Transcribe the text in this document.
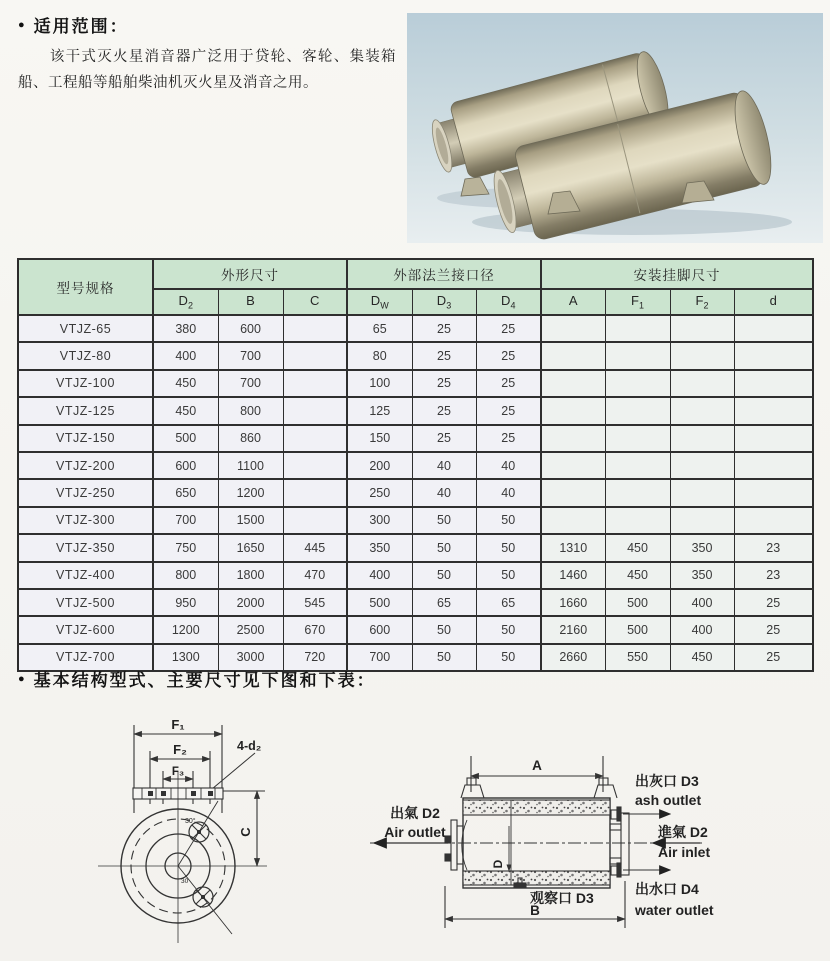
● 适用范围：
该干式灭火星消音器广泛用于贷轮、客轮、集装箱船、工程船等船舶柴油机灭火星及消音之用。
型号规格	外形尺寸			外部法兰接口径			安装挂脚尺寸			
	$D_2$	B	C	$D_W$	$D_3$	$D_4$	A	$F_1$	$F_2$	d
VTJZ-65	380	600		65	25	25				
VTJZ-80	400	700		80	25	25				
VTJZ-100	450	700		100	25	25				
VTJZ-125	450	800		125	25	25				
VTJZ-150	500	860		150	25	25				
VTJZ-200	600	1100		200	40	40				
VTJZ-250	650	1200		250	40	40				
VTJZ-300	700	1500		300	50	50				
VTJZ-350	750	1650	445	350	50	50	1310	450	350	23
VTJZ-400	800	1800	470	400	50	50	1460	450	350	23
VTJZ-500	950	2000	545	500	65	65	1660	500	400	25
VTJZ-600	1200	2500	670	600	50	50	2160	500	400	25
VTJZ-700	1300	3000	720	700	50	50	2660	550	450	25
● 基本结构型式、主要尺寸见下图和下表：
F₁
F₂
F₃
4-d₂
C
30°
30
A
D
B
出氣 D2
Air outlet
出灰口 D3
ash outlet
進氣 D2
Air inlet
观察口 D3
出水口 D4
water outlet
